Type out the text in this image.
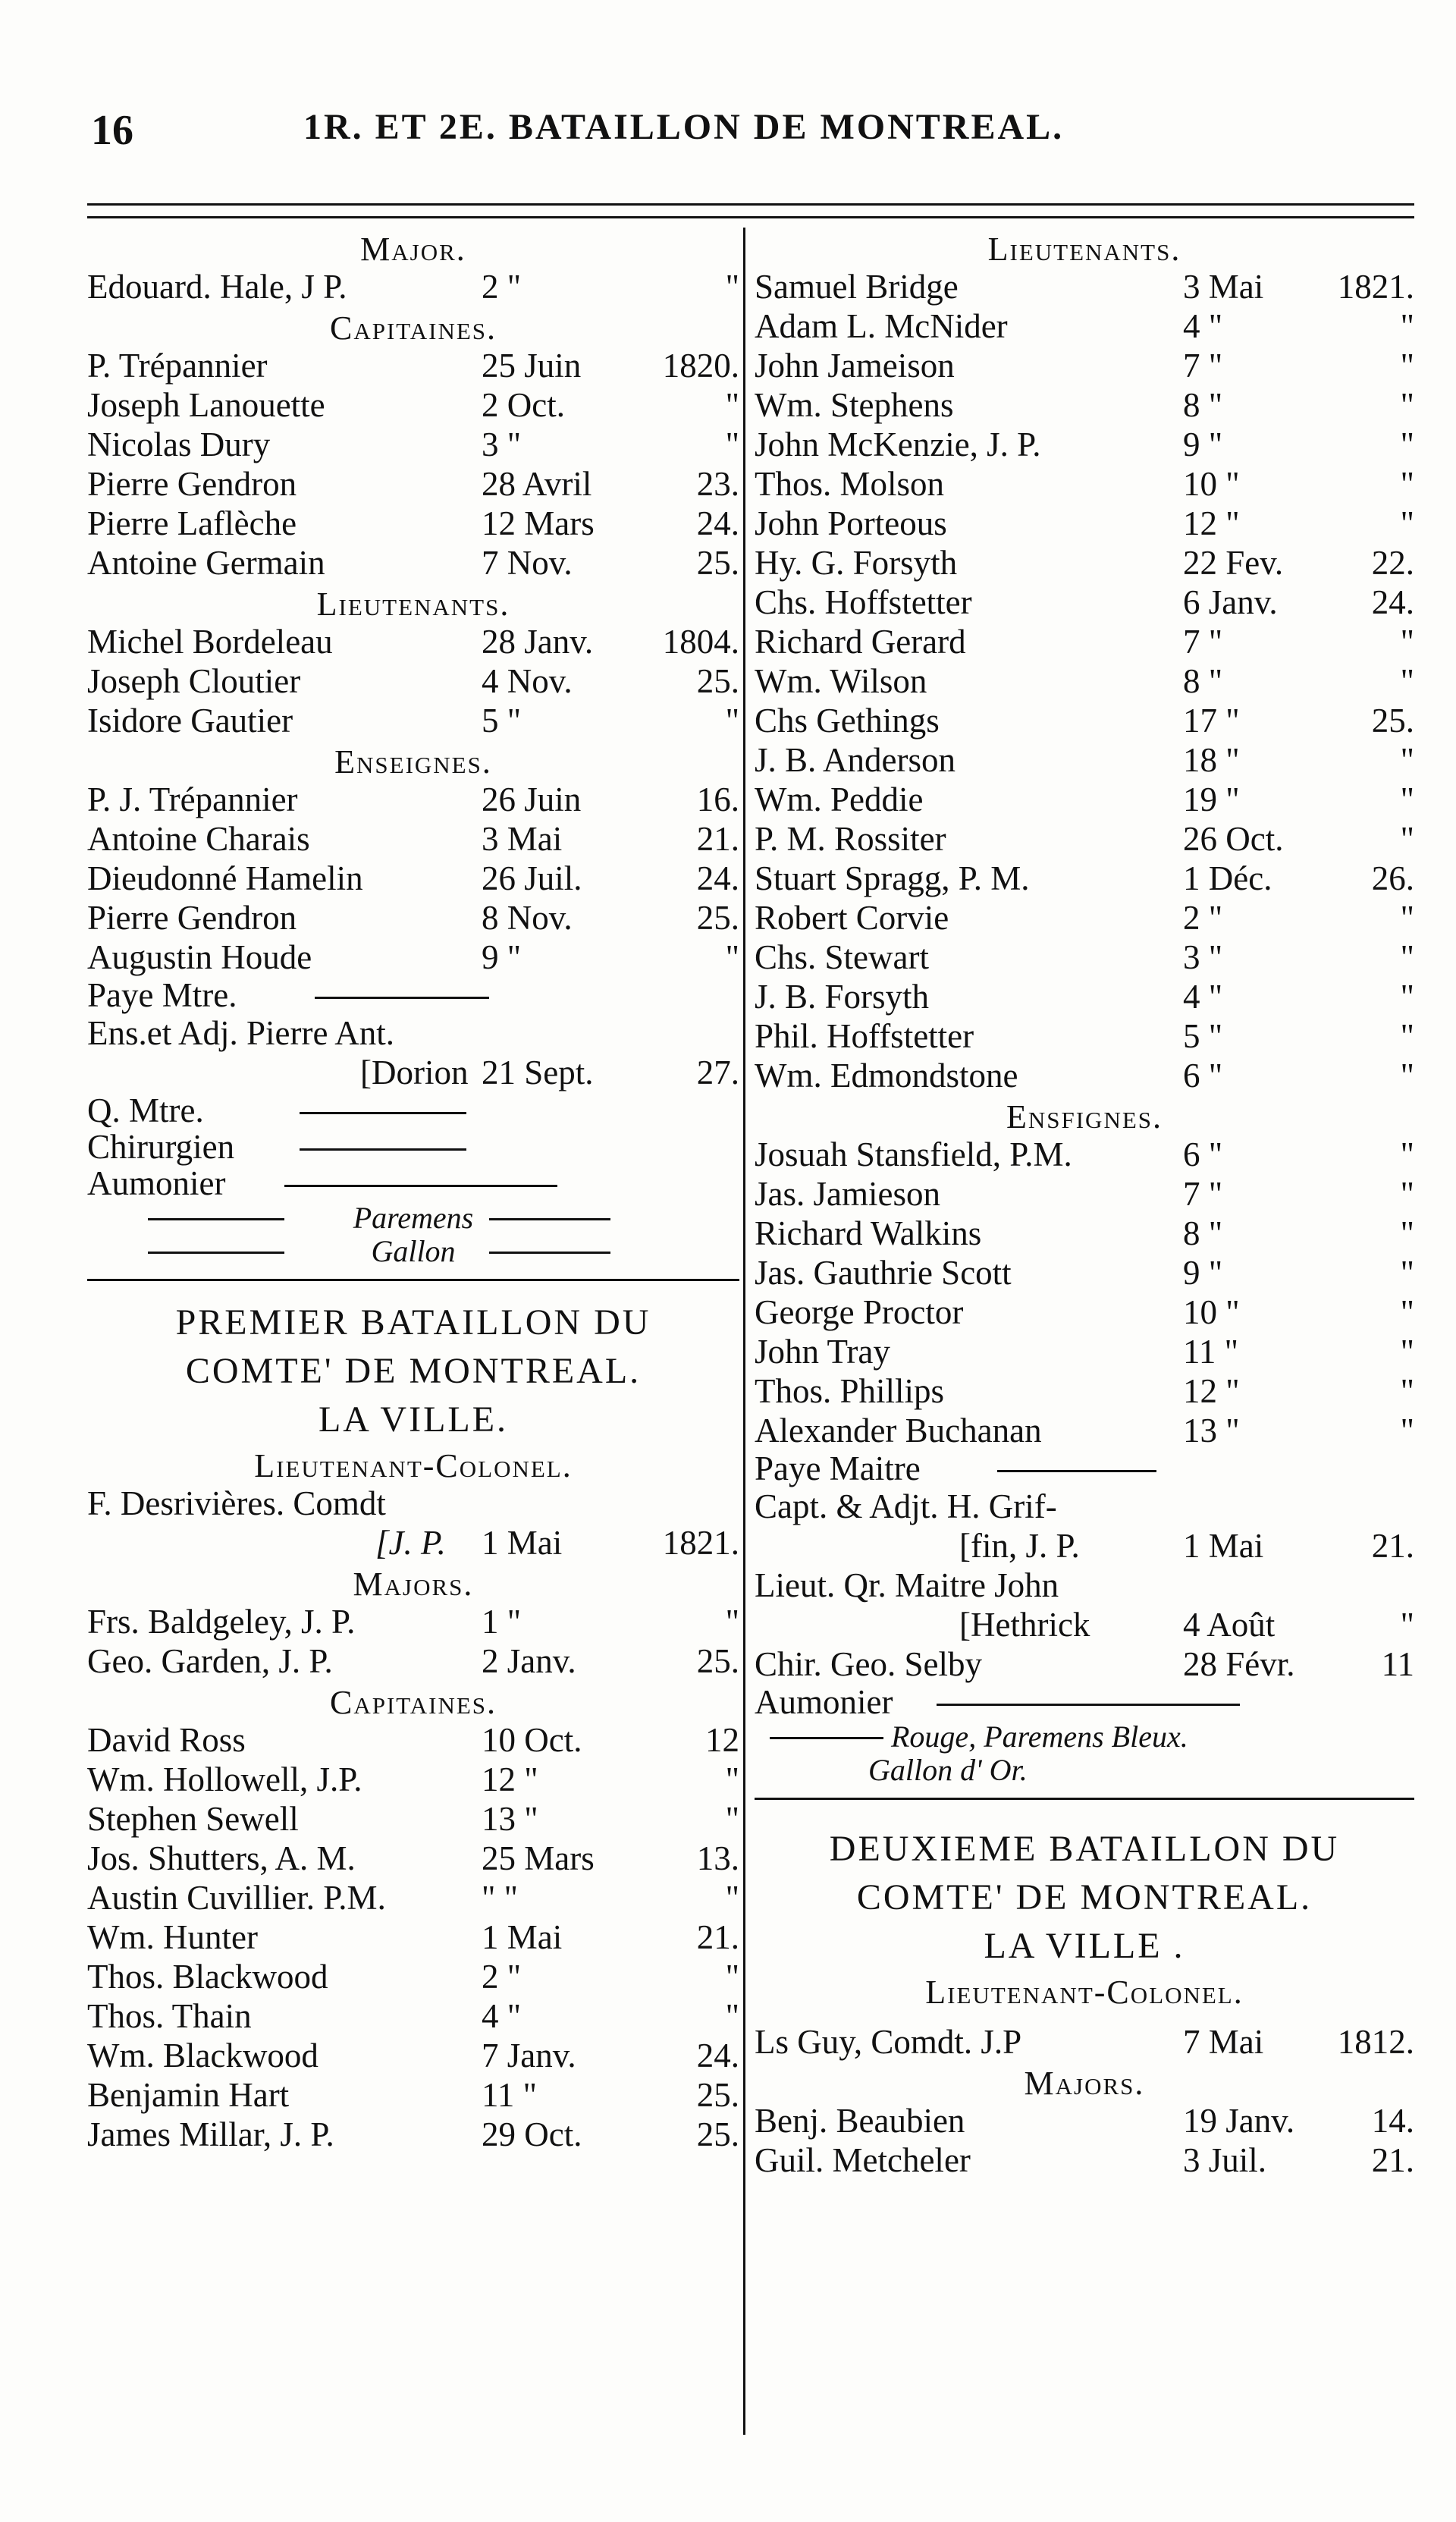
16	1R. ET 2E. BATAILLON DE MONTREAL.
Major.
Edouard. Hale, J P.	2 "	"
Capitaines.
P. Trépannier	25 Juin 1820.
Joseph Lanouette	2 Oct.	"
Nicolas Dury	3 "	"
Pierre Gendron	28 Avril	23.
Pierre Laflèche	12 Mars	24.
Antoine Germain	7 Nov.	25.
Lieutenants.
Michel Bordeleau	28 Janv. 1804.
Joseph Cloutier	4 Nov.	25.
Isidore Gautier	5 "	"
Enseignes.
P. J. Trépannier	26 Juin	16.
Antoine Charais	3 Mai	21.
Dieudonné Hamelin	26 Juil.	24.
Pierre Gendron	8 Nov.	25.
Augustin Houde	9 "	"
Paye Mtre.
Ens.et Adj. Pierre Ant.
[Dorion 21 Sept.	27.
Q. Mtre.
Chirurgien
Aumonier
Paremens
Gallon
PREMIER BATAILLON DU
COMTE' DE MONTREAL.
LA VILLE.
Lieutenant-Colonel.
F. Desrivières. Comdt
[J. P. 1 Mai	1821.
Majors.
Frs. Baldgeley, J. P.	1 "	"
Geo. Garden, J. P.	2 Janv.	25.
Capitaines.
David Ross	10 Oct.	12
Wm. Hollowell, J.P.	12 "	"
Stephen Sewell	13 "	"
Jos. Shutters, A. M.	25 Mars	13.
Austin Cuvillier. P.M.	" "	"
Wm. Hunter	1 Mai	21.
Thos. Blackwood	2 "	"
Thos. Thain	4 "	"
Wm. Blackwood	7 Janv.	24.
Benjamin Hart	11 "	25.
James Millar, J. P.	29 Oct.	25.
Lieutenants.
Samuel Bridge	3 Mai 1821.
Adam L. McNider	4 "	"
John Jameison	7 "	"
Wm. Stephens	8 "	"
John McKenzie, J. P.	9 "	"
Thos. Molson	10 "	"
John Porteous	12 "	"
Hy. G. Forsyth	22 Fev.	22.
Chs. Hoffstetter	6 Janv.	24.
Richard Gerard	7 "	"
Wm. Wilson	8 "	"
Chs Gethings	17 "	25.
J. B. Anderson	18 "	"
Wm. Peddie	19 "	"
P. M. Rossiter	26 Oct.	"
Stuart Spragg, P. M.	1 Déc.	26.
Robert Corvie	2 "	"
Chs. Stewart	3 "	"
J. B. Forsyth	4 "	"
Phil. Hoffstetter	5 "	"
Wm. Edmondstone	6 "	"
Ensfignes.
Josuah Stansfield, P.M.	6 "	"
Jas. Jamieson	7 "	"
Richard Walkins	8 "	"
Jas. Gauthrie Scott	9 "	"
George Proctor	10 "	"
John Tray	11 "	"
Thos. Phillips	12 "	"
Alexander Buchanan	13 "	"
Paye Maitre
Capt. & Adjt. H. Grif-
[fin, J. P.	1 Mai	21.
Lieut. Qr. Maitre John
[Hethrick	4 Août	"
Chir. Geo. Selby	28 Févr.	11
Aumonier
Rouge, Paremens Bleux.
Gallon d' Or.
DEUXIEME BATAILLON DU
COMTE' DE MONTREAL.
LA VILLE .
Lieutenant-Colonel.
Ls Guy, Comdt. J.P	7 Mai 1812.
Majors.
Benj. Beaubien	19 Janv. 14.
Guil. Metcheler	3 Juil.	21.
